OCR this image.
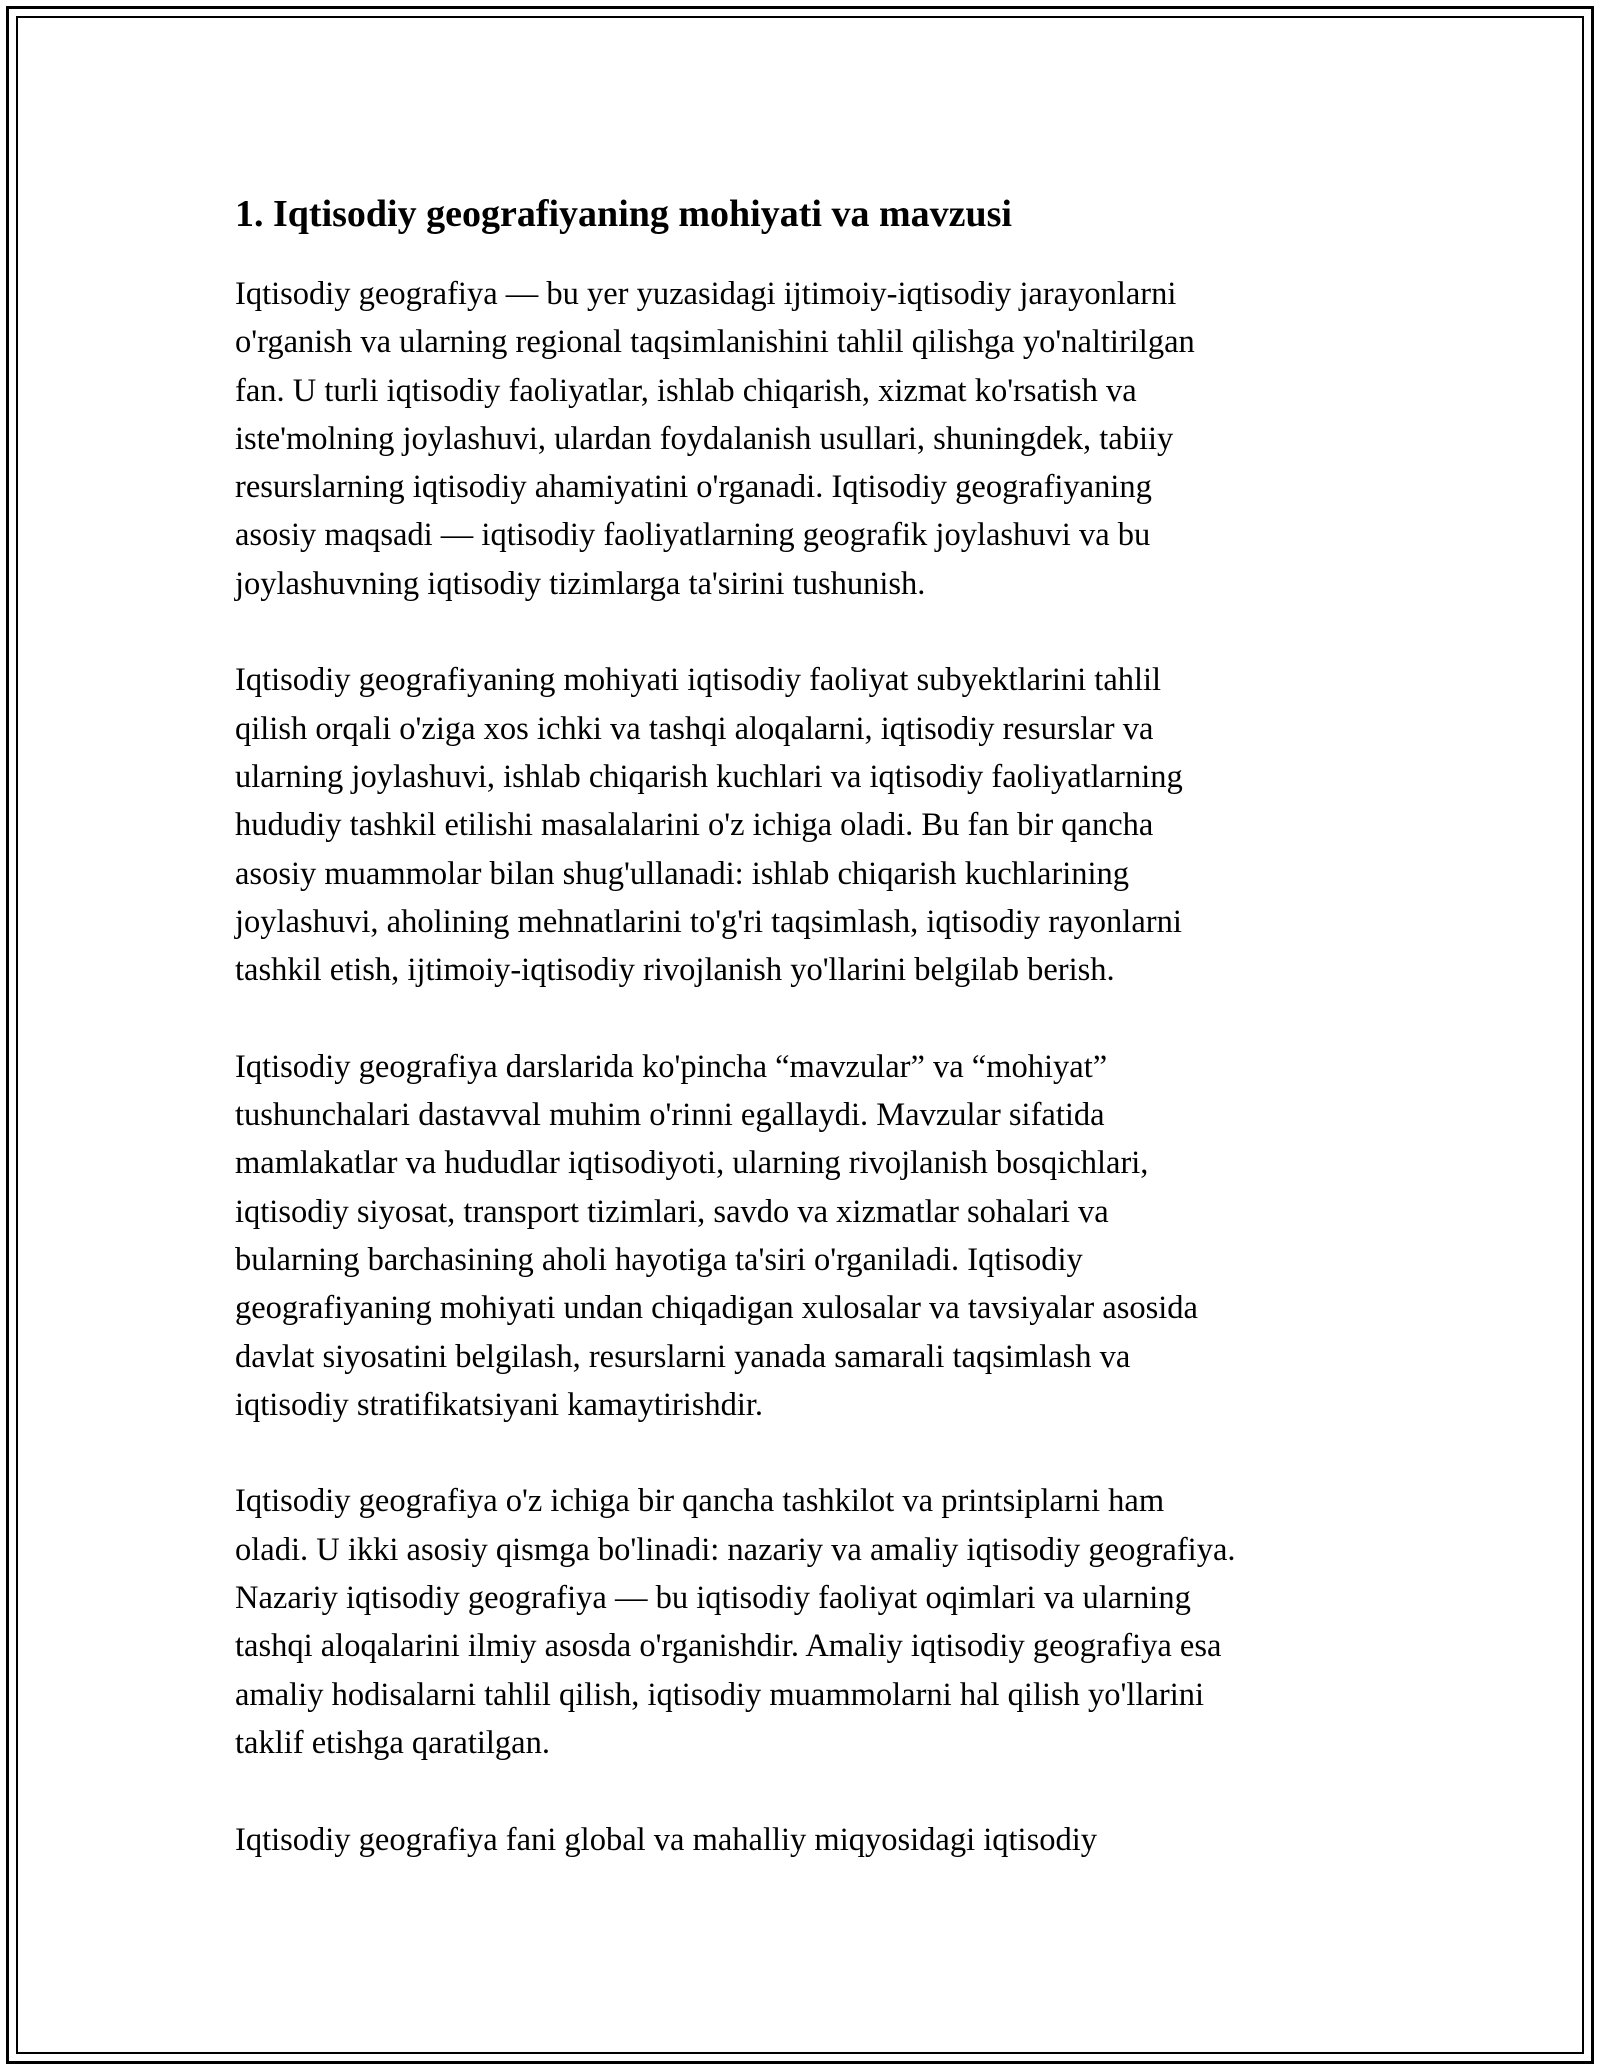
1. Iqtisodiy geografiyaning mohiyati va mavzusi

Iqtisodiy geografiya — bu yer yuzasidagi ijtimoiy-iqtisodiy jarayonlarni
o'rganish va ularning regional taqsimlanishini tahlil qilishga yo'naltirilgan
fan. U turli iqtisodiy faoliyatlar, ishlab chiqarish, xizmat ko'rsatish va
iste'molning joylashuvi, ulardan foydalanish usullari, shuningdek, tabiiy
resurslarning iqtisodiy ahamiyatini o'rganadi. Iqtisodiy geografiyaning
asosiy maqsadi — iqtisodiy faoliyatlarning geografik joylashuvi va bu
joylashuvning iqtisodiy tizimlarga ta'sirini tushunish.

Iqtisodiy geografiyaning mohiyati iqtisodiy faoliyat subyektlarini tahlil
qilish orqali o'ziga xos ichki va tashqi aloqalarni, iqtisodiy resurslar va
ularning joylashuvi, ishlab chiqarish kuchlari va iqtisodiy faoliyatlarning
hududiy tashkil etilishi masalalarini o'z ichiga oladi. Bu fan bir qancha
asosiy muammolar bilan shug'ullanadi: ishlab chiqarish kuchlarining
joylashuvi, aholining mehnatlarini to'g'ri taqsimlash, iqtisodiy rayonlarni
tashkil etish, ijtimoiy-iqtisodiy rivojlanish yo'llarini belgilab berish.

Iqtisodiy geografiya darslarida ko'pincha “mavzular” va “mohiyat”
tushunchalari dastavval muhim o'rinni egallaydi. Mavzular sifatida
mamlakatlar va hududlar iqtisodiyoti, ularning rivojlanish bosqichlari,
iqtisodiy siyosat, transport tizimlari, savdo va xizmatlar sohalari va
bularning barchasining aholi hayotiga ta'siri o'rganiladi. Iqtisodiy
geografiyaning mohiyati undan chiqadigan xulosalar va tavsiyalar asosida
davlat siyosatini belgilash, resurslarni yanada samarali taqsimlash va
iqtisodiy stratifikatsiyani kamaytirishdir.

Iqtisodiy geografiya o'z ichiga bir qancha tashkilot va printsiplarni ham
oladi. U ikki asosiy qismga bo'linadi: nazariy va amaliy iqtisodiy geografiya.
Nazariy iqtisodiy geografiya — bu iqtisodiy faoliyat oqimlari va ularning
tashqi aloqalarini ilmiy asosda o'rganishdir. Amaliy iqtisodiy geografiya esa
amaliy hodisalarni tahlil qilish, iqtisodiy muammolarni hal qilish yo'llarini
taklif etishga qaratilgan.

Iqtisodiy geografiya fani global va mahalliy miqyosidagi iqtisodiy
